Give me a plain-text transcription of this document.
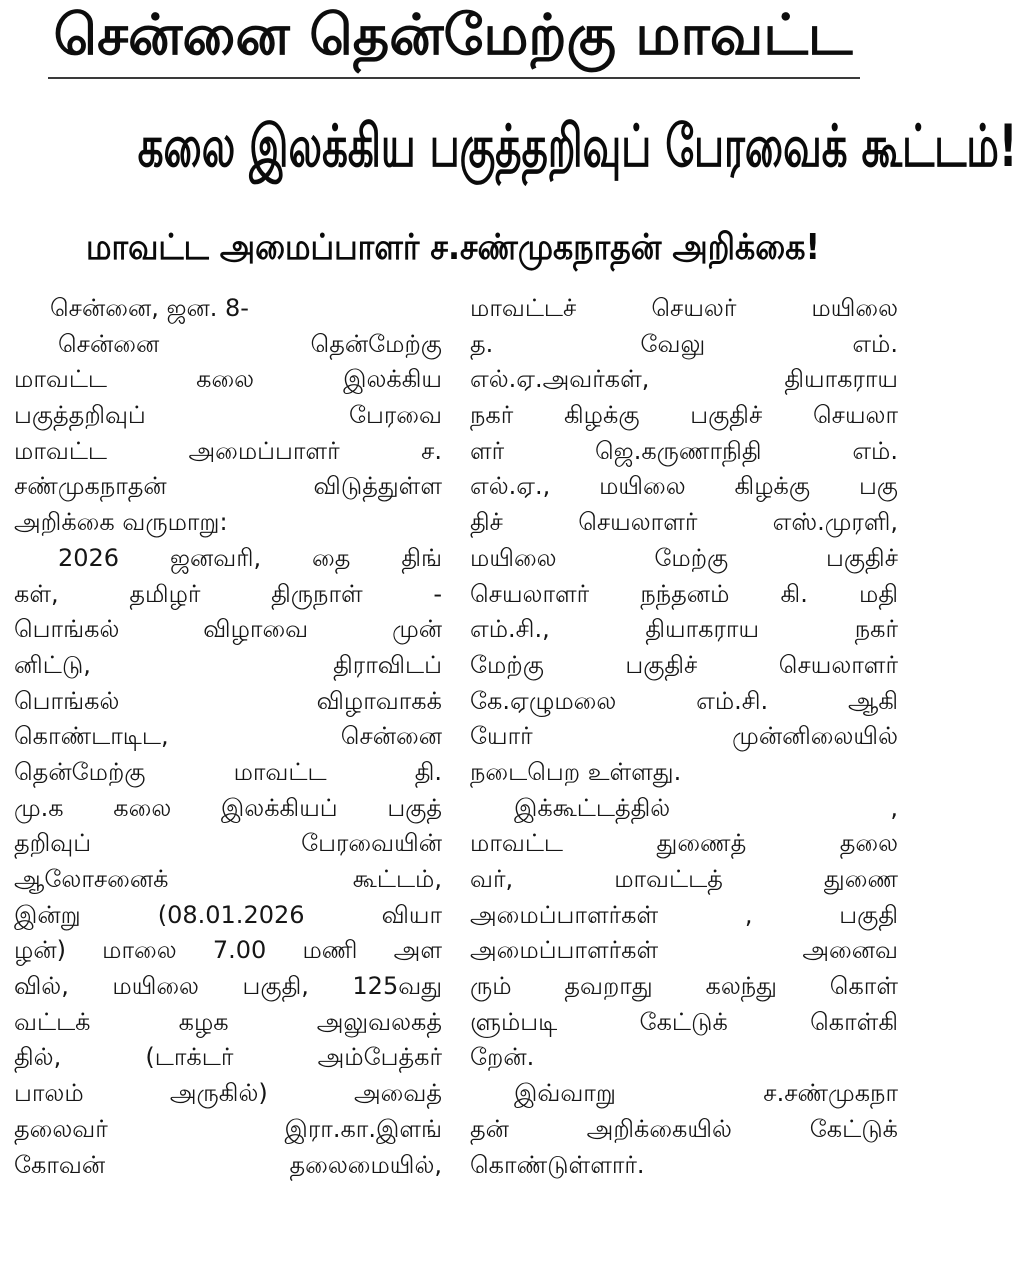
சென்னை தென்மேற்கு மாவட்ட
கலை இலக்கிய பகுத்தறிவுப் பேரவைக் கூட்டம்!
மாவட்ட அமைப்பாளர் ச.சண்முகநாதன் அறிக்கை!
சென்னை, ஜன. 8-
சென்னை தென்மேற்கு
மாவட்ட கலை இலக்கிய
பகுத்தறிவுப் பேரவை
மாவட்ட அமைப்பாளர் ச.
சண்முகநாதன் விடுத்துள்ள
அறிக்கை வருமாறு:
2026 ஜனவரி, தை திங்
கள், தமிழர் திருநாள் -
பொங்கல் விழாவை முன்
னிட்டு, திராவிடப்
பொங்கல் விழாவாகக்
கொண்டாடிட, சென்னை
தென்மேற்கு மாவட்ட தி.
மு.க கலை இலக்கியப் பகுத்
தறிவுப் பேரவையின்
ஆலோசனைக் கூட்டம்,
இன்று (08.01.2026 வியா
ழன்) மாலை 7.00 மணி அள
வில், மயிலை பகுதி, 125வது
வட்டக் கழக அலுவலகத்
தில், (டாக்டர் அம்பேத்கர்
பாலம் அருகில்) அவைத்
தலைவர் இரா.கா.இளங்
கோவன் தலைமையில்,
மாவட்டச் செயலர் மயிலை
த. வேலு எம்.
எல்.ஏ.அவர்கள், தியாகராய
நகர் கிழக்கு பகுதிச் செயலா
ளர் ஜெ.கருணாநிதி எம்.
எல்.ஏ., மயிலை கிழக்கு பகு
திச் செயலாளர் எஸ்.முரளி,
மயிலை மேற்கு பகுதிச்
செயலாளர் நந்தனம் கி. மதி
எம்.சி., தியாகராய நகர்
மேற்கு பகுதிச் செயலாளர்
கே.ஏழுமலை எம்.சி. ஆகி
யோர் முன்னிலையில்
நடைபெற உள்ளது.
இக்கூட்டத்தில் ,
மாவட்ட துணைத் தலை
வர், மாவட்டத் துணை
அமைப்பாளர்கள் , பகுதி
அமைப்பாளர்கள் அனைவ
ரும் தவறாது கலந்து கொள்
ளும்படி கேட்டுக் கொள்கி
றேன்.
இவ்வாறு ச.சண்முகநா
தன் அறிக்கையில் கேட்டுக்
கொண்டுள்ளார்.
